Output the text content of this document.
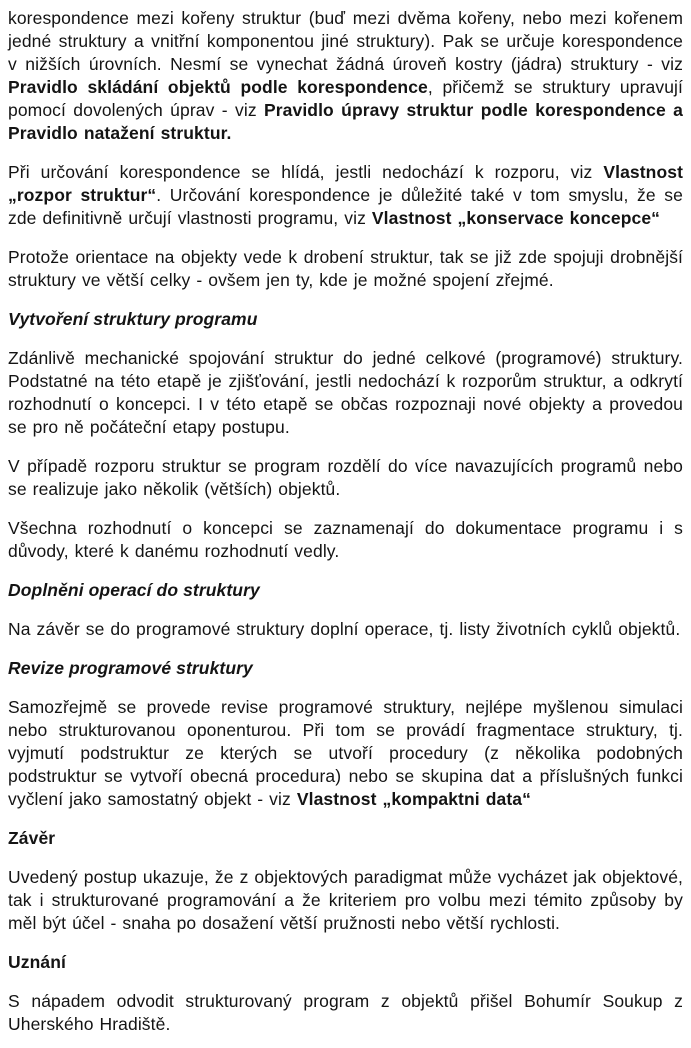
korespondence mezi kořeny struktur (buď mezi dvěma kořeny, nebo mezi kořenem jedné struktury a vnitřní komponentou jiné struktury). Pak se určuje korespondence v nižších úrovních. Nesmí se vynechat žádná úroveň kostry (jádra) struktury - viz Pravidlo skládání objektů podle korespondence, přičemž se struktury upravují pomocí dovolených úprav - viz Pravidlo úpravy struktur podle korespondence a Pravidlo natažení struktur.

Při určování korespondence se hlídá, jestli nedochází k rozporu, viz Vlastnost „rozpor struktur“. Určování korespondence je důležité také v tom smyslu, že se zde definitivně určují vlastnosti programu, viz Vlastnost „konservace koncepce“

Protože orientace na objekty vede k drobení struktur, tak se již zde spojuji drobnější struktury ve větší celky - ovšem jen ty, kde je možné spojení zřejmé.

Vytvoření struktury programu

Zdánlivě mechanické spojování struktur do jedné celkové (programové) struktury. Podstatné na této etapě je zjišťování, jestli nedochází k rozporům struktur, a odkrytí rozhodnutí o koncepci. I v této etapě se občas rozpoznaji nové objekty a provedou se pro ně počáteční etapy postupu.

V případě rozporu struktur se program rozdělí do více navazujících programů nebo se realizuje jako několik (větších) objektů.

Všechna rozhodnutí o koncepci se zaznamenají do dokumentace programu i s důvody, které k danému rozhodnutí vedly.

Doplněni operací do struktury

Na závěr se do programové struktury doplní operace, tj. listy životních cyklů objektů.

Revize programové struktury

Samozřejmě se provede revise programové struktury, nejlépe myšlenou simulaci nebo strukturovanou oponenturou. Při tom se provádí fragmentace struktury, tj. vyjmutí podstruktur ze kterých se utvoří procedury (z několika podobných podstruktur se vytvoří obecná procedura) nebo se skupina dat a příslušných funkci vyčlení jako samostatný objekt - viz Vlastnost „kompaktni data“

Závěr

Uvedený postup ukazuje, že z objektových paradigmat může vycházet jak objektové, tak i strukturované programování a že kriteriem pro volbu mezi témito způsoby by měl být účel - snaha po dosažení větší pružnosti nebo větší rychlosti.

Uznání

S nápadem odvodit strukturovaný program z objektů přišel Bohumír Soukup z Uherského Hradiště.
